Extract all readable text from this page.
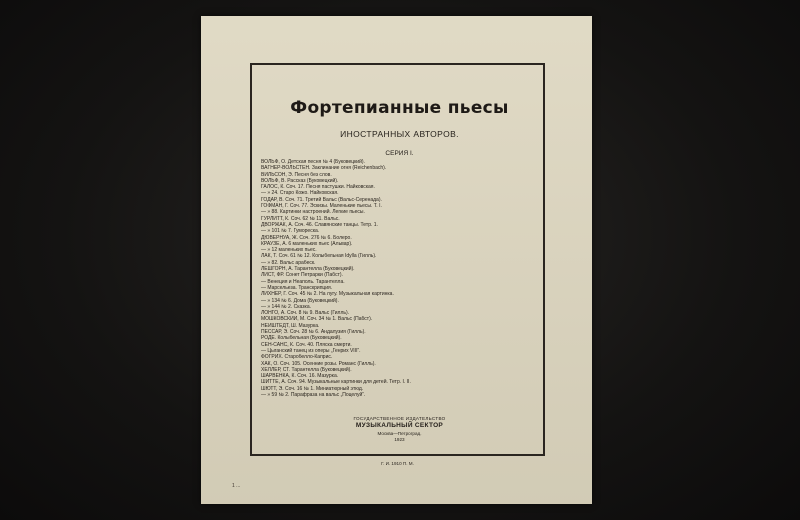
Фортепианные пьесы
ИНОСТРАННЫХ АВТОРОВ.
СЕРИЯ I.
ВОЛЬФ, О. Детская песня № 4 (Буковецкий).
ВАГНЕР-ВОЛЬСТЕН. Заклинание огня (Reichenbach).
ВИЛЬСОН, Э. Песня без слов.
ВОЛЬФ, В. Рассказ (Буковецкий).
ГАЛОС, К. Соч. 17. Песня пастушки. Найковская.
— » 24. Старо Кожо. Найковская.
ГОДАР, В. Соч. 71. Третий Вальс (Вальс-Серенада).
ГОФМАН, Г. Соч. 77. Эскизы. Маленькие пьесы. Т. I.
— » 88. Картинки настроений. Легкие пьесы.
ГУРЛИТТ, К. Соч. 62 № 11. Вальс.
ДВОРЖАК, А. Соч. 46. Славянские танцы. Тетр. 1.
— » 101 № 7. Гумореска.
ДЮВЕРНУА, Ж. Соч. 276 № 6. Болеро.
КРАУЗЕ, А. 6 маленьких пьес (Альвар).
— » 12 маленьких пьес.
ЛАК, Т. Соч. 61 № 12. Колыбельная Idylla (Гилль).
— » 82. Вальс арабеск.
ЛЕШГОРН, А. Тарантелла (Буковецкий).
ЛИСТ, ФР. Сонет Петрарки (Пабст).
— Венеция и Неаполь. Тарантелла.
— Марсельеза. Транскрипция.
ЛИХНЕР, Г. Соч. 45 № 2. На лугу. Музыкальная картинка.
— » 134 № 6. Дома (Буковецкий).
— » 144 № 2. Сказка.
ЛОНГО, А. Соч. 8 № 9. Вальс (Гилль).
МОШКОВСКИЙ, М. Соч. 34 № 1. Вальс (Пабст).
НЕЙШТЕДТ, Ш. Мазурка.
ПЕССАР, Э. Соч. 28 № 6. Андалузия (Гилль).
РОДЕ. Колыбельная (Буковецкий).
СЕН-САНС, К. Соч. 40. Пляска смерти.
— Цыганский танец из оперы „Генрих VIII“.
ФОГРИХ. Старобелло-Каприс.
ХАК, О. Соч. 105. Осенние розы. Романс (Гилль).
ХЕЛЛЕР, СТ. Тарантелла (Буковецкий).
ШАРВЕНКА, К. Соч. 16. Мазурка.
ШИТТЕ, А. Соч. 94. Музыкальные картинки для детей. Тетр. I. II.
ШЮТТ, Э. Соч. 16 № 1. Миниатюрный этюд.
— » 59 № 2. Парафраза на вальс „Поцелуй“.
ГОСУДАРСТВЕННОЕ ИЗДАТЕЛЬСТВО
МУЗЫКАЛЬНЫЙ СЕКТОР
Москва—Петроград.
1923
Г. И. 1910 П. М.
1 ...
